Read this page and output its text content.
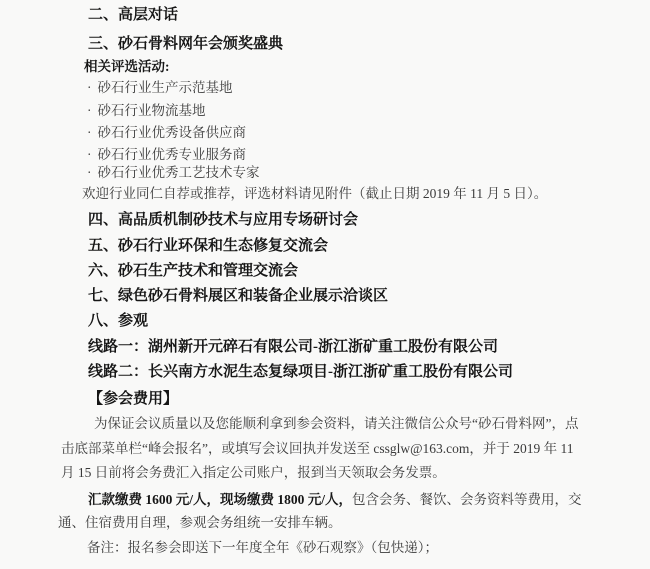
二、高层对话
三、砂石骨料网年会颁奖盛典
相关评选活动:
· 砂石行业生产示范基地
· 砂石行业物流基地
· 砂石行业优秀设备供应商
· 砂石行业优秀专业服务商
· 砂石行业优秀工艺技术专家
欢迎行业同仁自荐或推荐，评选材料请见附件（截止日期 2019 年 11 月 5 日）。
四、高品质机制砂技术与应用专场研讨会
五、砂石行业环保和生态修复交流会
六、砂石生产技术和管理交流会
七、绿色砂石骨料展区和装备企业展示洽谈区
八、参观
线路一：湖州新开元碎石有限公司-浙江浙矿重工股份有限公司
线路二：长兴南方水泥生态复绿项目-浙江浙矿重工股份有限公司
【参会费用】
为保证会议质量以及您能顺利拿到参会资料，请关注微信公众号“砂石骨料网”，点
击底部菜单栏“峰会报名”，或填写会议回执并发送至 cssglw@163.com，并于 2019 年 11
月 15 日前将会务费汇入指定公司账户，报到当天领取会务发票。
汇款缴费 1600 元/人，现场缴费 1800 元/人，包含会务、餐饮、会务资料等费用，交
通、住宿费用自理，参观会务组统一安排车辆。
备注：报名参会即送下一年度全年《砂石观察》（包快递）；
